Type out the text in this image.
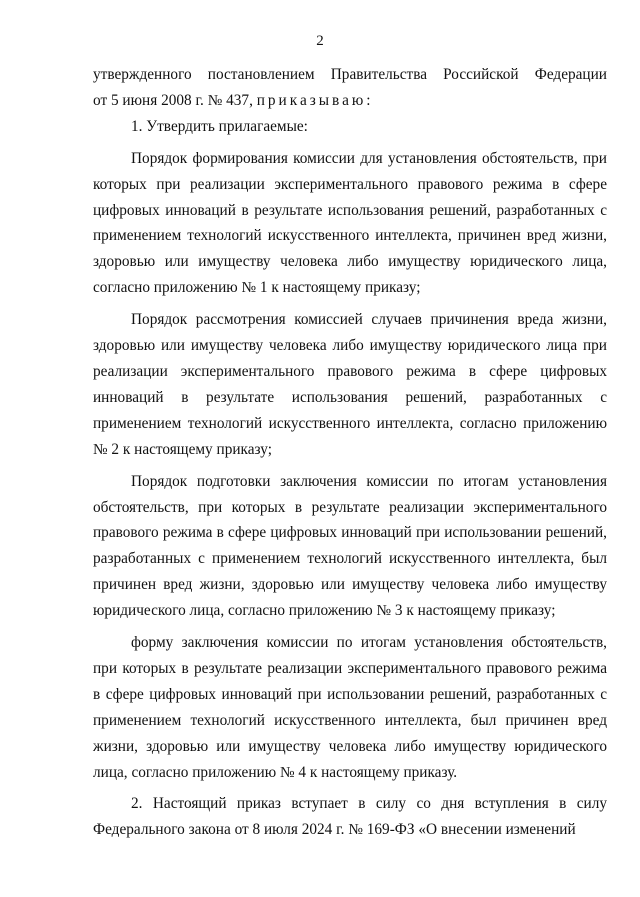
2

утвержденного постановлением Правительства Российской Федерации

от 5 июня 2008 г. № 437, приказываю:

1. Утвердить прилагаемые:

Порядок формирования комиссии для установления обстоятельств, при которых при реализации экспериментального правового режима в сфере цифровых инноваций в результате использования решений, разработанных с применением технологий искусственного интеллекта, причинен вред жизни, здоровью или имуществу человека либо имуществу юридического лица, согласно приложению № 1 к настоящему приказу;

Порядок рассмотрения комиссией случаев причинения вреда жизни, здоровью или имуществу человека либо имуществу юридического лица при реализации экспериментального правового режима в сфере цифровых инноваций в результате использования решений, разработанных с применением технологий искусственного интеллекта, согласно приложению № 2 к настоящему приказу;

Порядок подготовки заключения комиссии по итогам установления обстоятельств, при которых в результате реализации экспериментального правового режима в сфере цифровых инноваций при использовании решений, разработанных с применением технологий искусственного интеллекта, был причинен вред жизни, здоровью или имуществу человека либо имуществу юридического лица, согласно приложению № 3 к настоящему приказу;

форму заключения комиссии по итогам установления обстоятельств, при которых в результате реализации экспериментального правового режима в сфере цифровых инноваций при использовании решений, разработанных с применением технологий искусственного интеллекта, был причинен вред жизни, здоровью или имуществу человека либо имуществу юридического лица, согласно приложению № 4 к настоящему приказу.

2. Настоящий приказ вступает в силу со дня вступления в силу Федерального закона от 8 июля 2024 г. № 169-ФЗ «О внесении изменений
